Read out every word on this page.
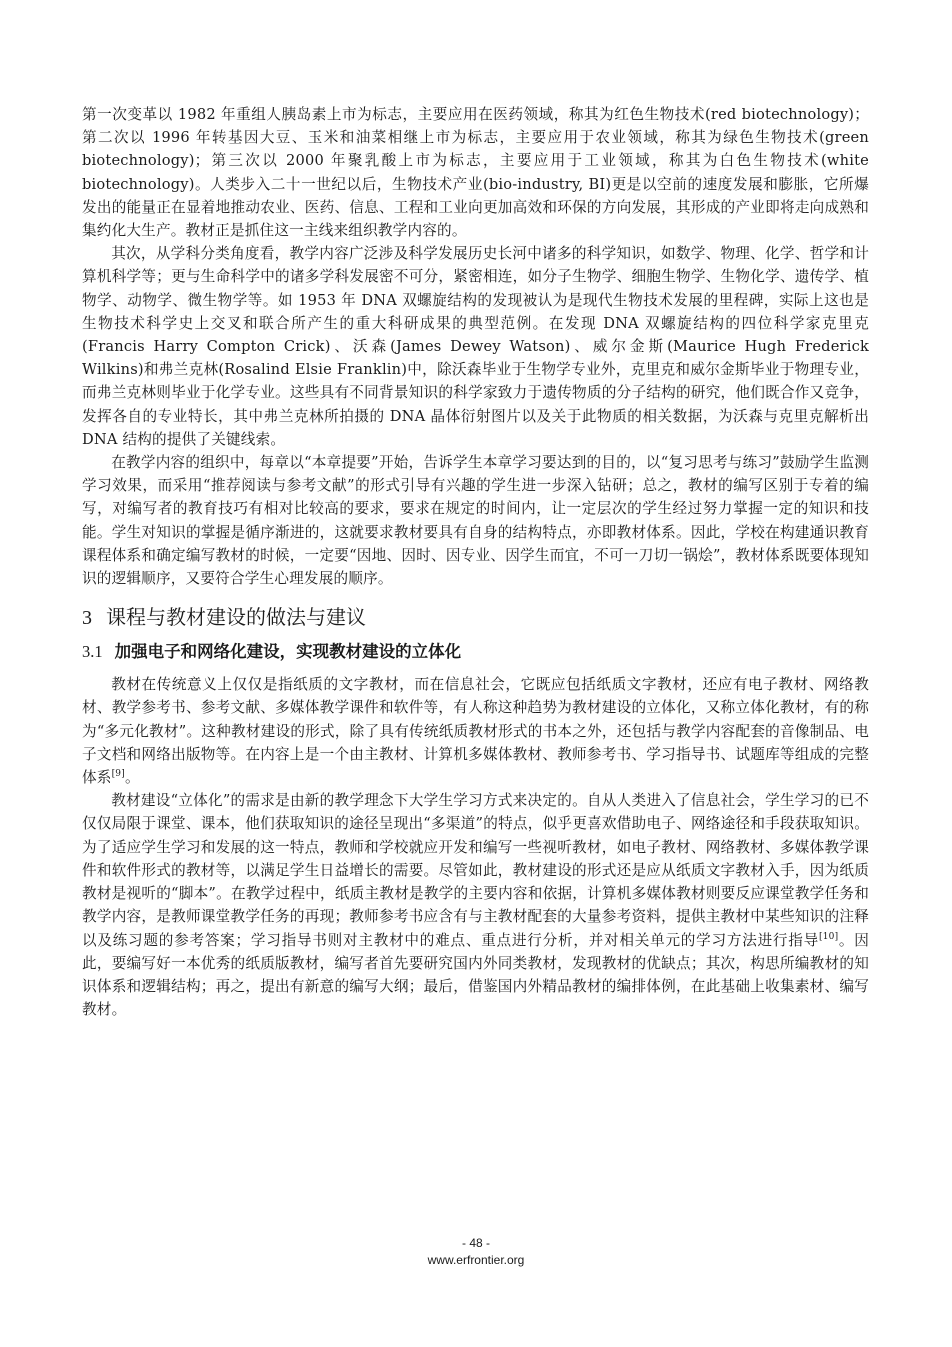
第一次变革以 1982 年重组人胰岛素上市为标志，主要应用在医药领域，称其为红色生物技术(red biotechnology)；第二次以 1996 年转基因大豆、玉米和油菜相继上市为标志，主要应用于农业领域，称其为绿色生物技术(green biotechnology)；第三次以 2000 年聚乳酸上市为标志，主要应用于工业领域，称其为白色生物技术(white biotechnology)。人类步入二十一世纪以后，生物技术产业(bio-industry, BI)更是以空前的速度发展和膨胀，它所爆发出的能量正在显着地推动农业、医药、信息、工程和工业向更加高效和环保的方向发展，其形成的产业即将走向成熟和集约化大生产。教材正是抓住这一主线来组织教学内容的。

其次，从学科分类角度看，教学内容广泛涉及科学发展历史长河中诸多的科学知识，如数学、物理、化学、哲学和计算机科学等；更与生命科学中的诸多学科发展密不可分，紧密相连，如分子生物学、细胞生物学、生物化学、遗传学、植物学、动物学、微生物学等。如 1953 年 DNA 双螺旋结构的发现被认为是现代生物技术发展的里程碑，实际上这也是生物技术科学史上交叉和联合所产生的重大科研成果的典型范例。在发现 DNA 双螺旋结构的四位科学家克里克(Francis Harry Compton Crick)、沃森(James Dewey Watson)、威尔金斯(Maurice Hugh Frederick Wilkins)和弗兰克林(Rosalind Elsie Franklin)中，除沃森毕业于生物学专业外，克里克和威尔金斯毕业于物理专业，而弗兰克林则毕业于化学专业。这些具有不同背景知识的科学家致力于遗传物质的分子结构的研究，他们既合作又竞争，发挥各自的专业特长，其中弗兰克林所拍摄的 DNA 晶体衍射图片以及关于此物质的相关数据，为沃森与克里克解析出 DNA 结构的提供了关键线索。

在教学内容的组织中，每章以“本章提要”开始，告诉学生本章学习要达到的目的，以“复习思考与练习”鼓励学生监测学习效果，而采用“推荐阅读与参考文献”的形式引导有兴趣的学生进一步深入钻研；总之，教材的编写区别于专着的编写，对编写者的教育技巧有相对比较高的要求，要求在规定的时间内，让一定层次的学生经过努力掌握一定的知识和技能。学生对知识的掌握是循序渐进的，这就要求教材要具有自身的结构特点，亦即教材体系。因此，学校在构建通识教育课程体系和确定编写教材的时候，一定要“因地、因时、因专业、因学生而宜，不可一刀切一锅烩”，教材体系既要体现知识的逻辑顺序，又要符合学生心理发展的顺序。

3 课程与教材建设的做法与建议
3.1 加强电子和网络化建设，实现教材建设的立体化

教材在传统意义上仅仅是指纸质的文字教材，而在信息社会，它既应包括纸质文字教材，还应有电子教材、网络教材、教学参考书、参考文献、多媒体教学课件和软件等，有人称这种趋势为教材建设的立体化，又称立体化教材，有的称为“多元化教材”。这种教材建设的形式，除了具有传统纸质教材形式的书本之外，还包括与教学内容配套的音像制品、电子文档和网络出版物等。在内容上是一个由主教材、计算机多媒体教材、教师参考书、学习指导书、试题库等组成的完整体系[9]。

教材建设“立体化”的需求是由新的教学理念下大学生学习方式来决定的。自从人类进入了信息社会，学生学习的已不仅仅局限于课堂、课本，他们获取知识的途径呈现出“多渠道”的特点，似乎更喜欢借助电子、网络途径和手段获取知识。为了适应学生学习和发展的这一特点，教师和学校就应开发和编写一些视听教材，如电子教材、网络教材、多媒体教学课件和软件形式的教材等，以满足学生日益增长的需要。尽管如此，教材建设的形式还是应从纸质文字教材入手，因为纸质教材是视听的“脚本”。在教学过程中，纸质主教材是教学的主要内容和依据，计算机多媒体教材则要反应课堂教学任务和教学内容，是教师课堂教学任务的再现；教师参考书应含有与主教材配套的大量参考资料，提供主教材中某些知识的注释以及练习题的参考答案；学习指导书则对主教材中的难点、重点进行分析，并对相关单元的学习方法进行指导[10]。因此，要编写好一本优秀的纸质版教材，编写者首先要研究国内外同类教材，发现教材的优缺点；其次，构思所编教材的知识体系和逻辑结构；再之，提出有新意的编写大纲；最后，借鉴国内外精品教材的编排体例，在此基础上收集素材、编写教材。

- 48 -
www.erfrontier.org
